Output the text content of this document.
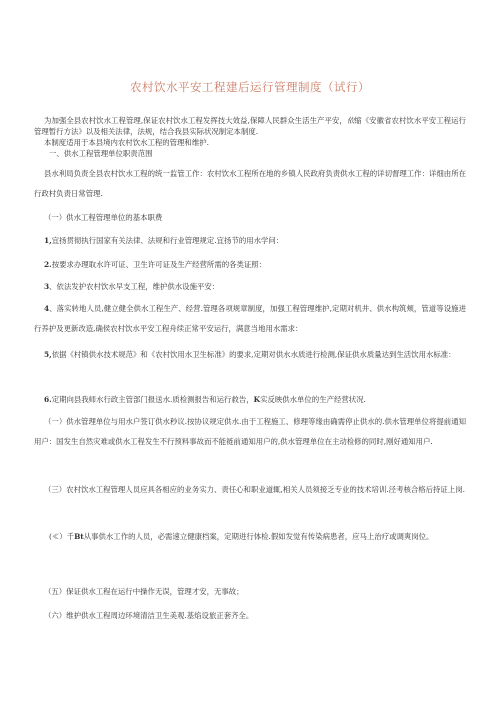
农村饮水平安工程建后运行管理制度（试行）

为加强全县农村饮水工程管理,保证农村饮水工程发挥技大效益,保障人民群众生活生产平安，依缩《安徽省农村饮水平安工程运行管理暂行方法》以及相关法律，法规，结合我县实际状况制定本制度.

本制度适用于本县境内农村饮水工程的管理和维护.

一、供水工程管理单位职责范围

县水利局负责全县农村饮水工程的统一监管工作：农村饮水工程所在地的乡镇人民政府负责供水工程的详切督理工作：详细由所在行政村负责日常管理.

（一）供水工程管理单位的基本职费

1,宜扬贯彻执行国家有关法律、法规和行业管理规定.宜扬节的用水学问：

2.按要求办理取水许可证、卫生许可证及生产经营所需的各类证照：

3、依法发护农村饮水早支工程，维护供水设施平安：

4、落实转地人员,健立健全供水工程生产、经营.管理各项规章制度，加强工程管理维护,定期对机井、供水构筑颊，管道等设施进行养护及更新改造,确侯农村饮水平安工程舟续正常平安运行，满意当地用水需求：

5,依据《村镇供水技术规范》和《农村饮用水卫生标准》的要求,定期对供水水质进行检测,保证供水质量达到生活饮用水标准：

6.定期向县我师水行政主管部门报送水.质检测报告和运行救告，K实反映供水单位的生产经营状况.

（一）供水管理单位与用水户签订供水秒议.按协议规定供水.由于工程施工、修理等缘由确需停止供水的.供水管理单位将提前通知用户：国发生自然灾难或供水工程发生不行预料事故而不能裢前通知用户的,供水管理单位在主动检修的同时,刚好通知用户.

（三）农村饮水工程管理人员应具各相应的业务实力、责任心和职业道辄,相关人员须接乏专业的技术培训.泾考核合格后持证上岗.

(≪）千Bt从事供水工作的人员，必需速立健康档案，定期进行体检.假如发觉有传染病患者，应马上治疗或调爽岗位。

（五）保证供水工程在运行中操作无误，管理才安，无事故；

（六）维护供水工程周边环境清洁卫生美观.基焰设旅正套齐全。
